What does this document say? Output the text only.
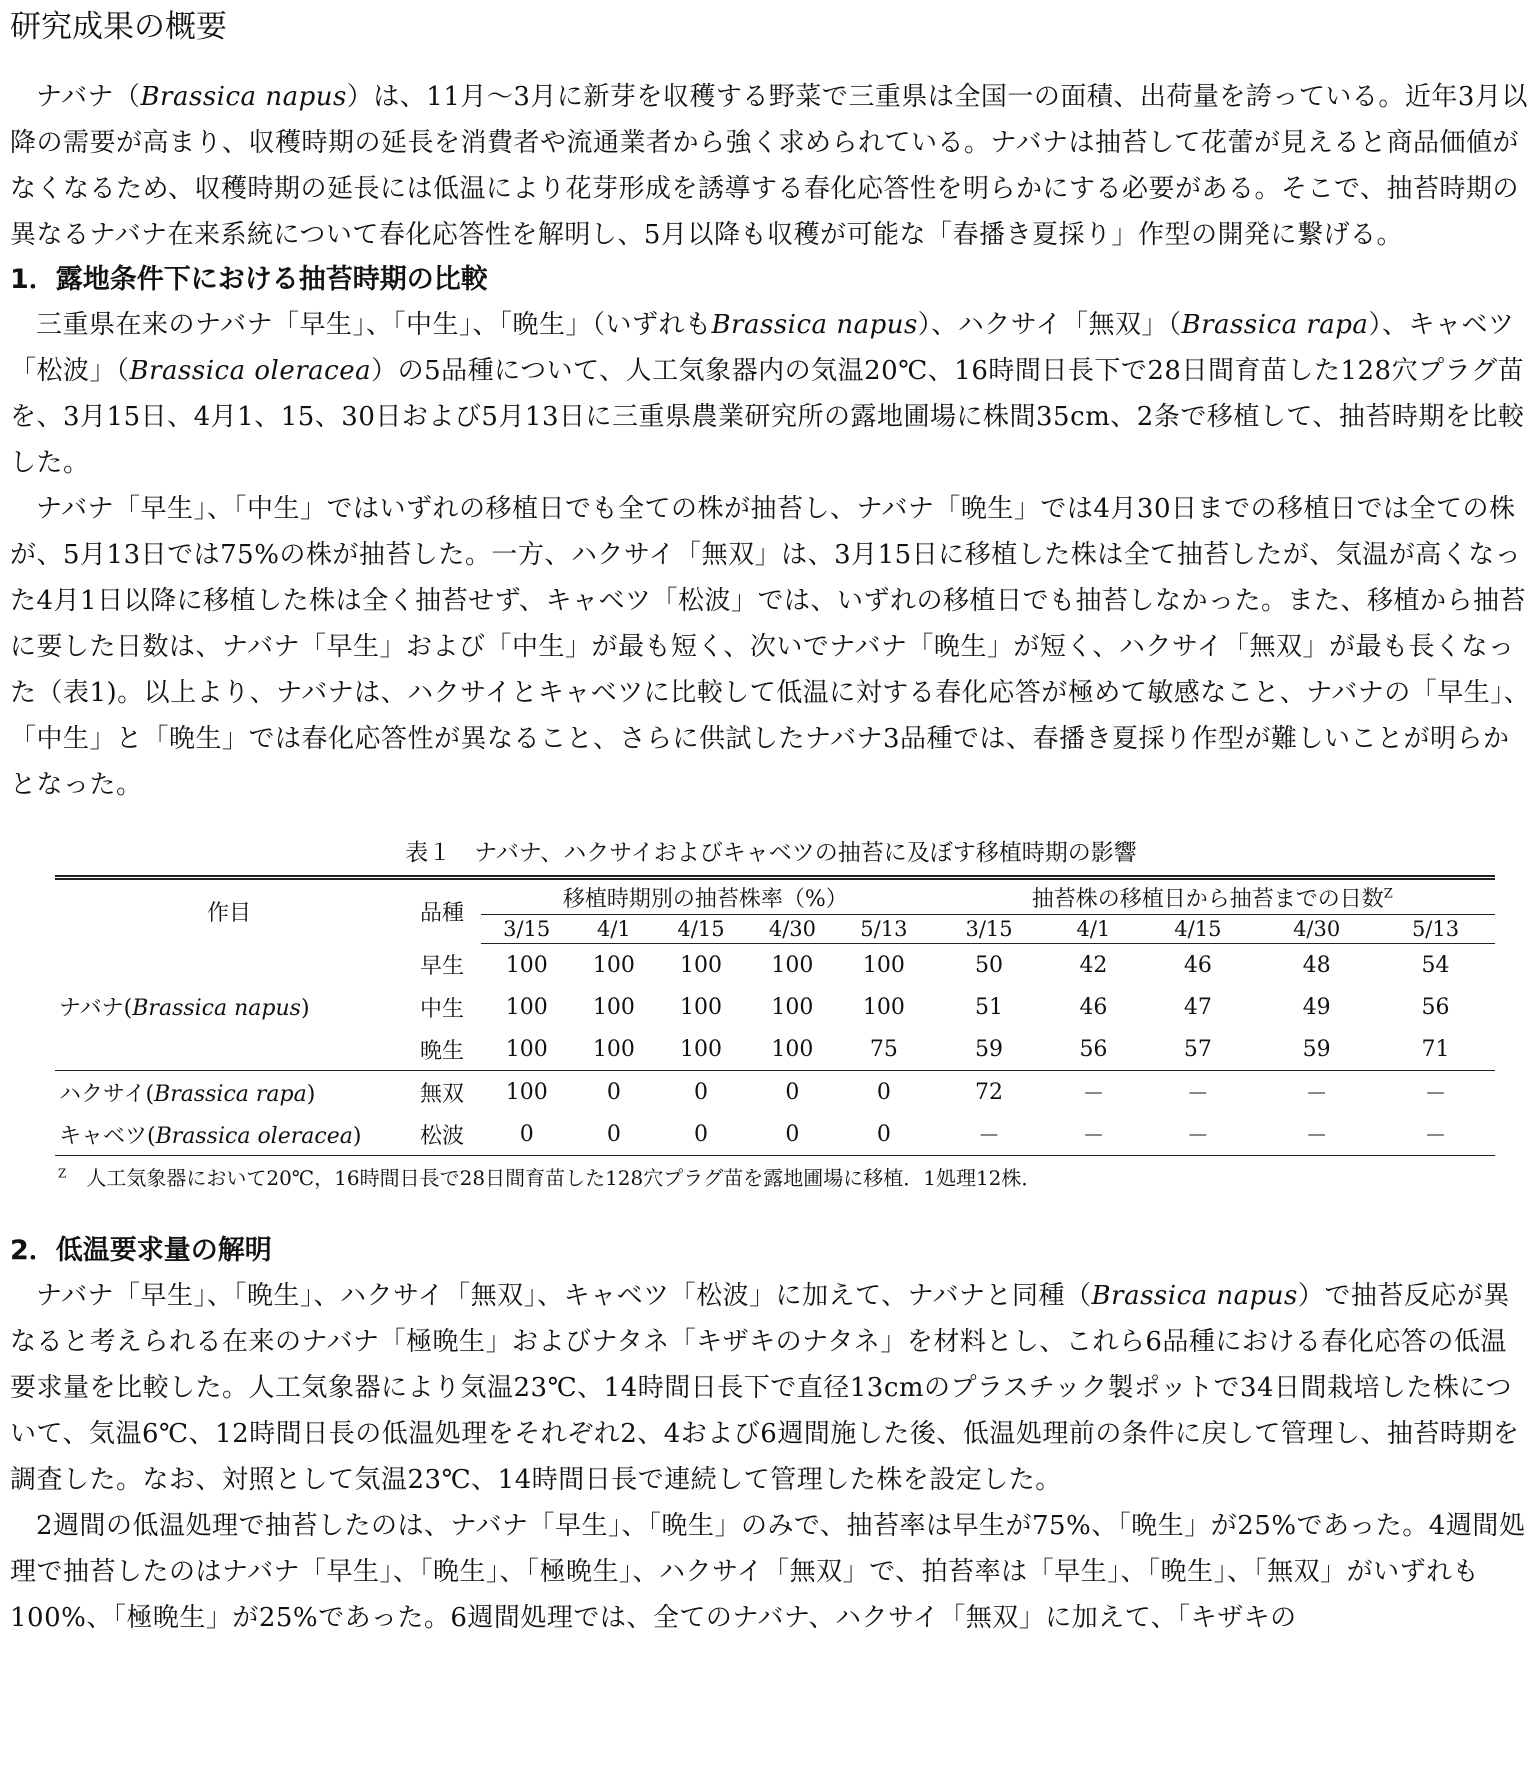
研究成果の概要

ナバナ（Brassica napus）は、11月～3月に新芽を収穫する野菜で三重県は全国一の面積、出荷量を誇っている。近年3月以降の需要が高まり、収穫時期の延長を消費者や流通業者から強く求められている。ナバナは抽苔して花蕾が見えると商品価値がなくなるため、収穫時期の延長には低温により花芽形成を誘導する春化応答性を明らかにする必要がある。そこで、抽苔時期の異なるナバナ在来系統について春化応答性を解明し、5月以降も収穫が可能な「春播き夏採り」作型の開発に繋げる。

1．露地条件下における抽苔時期の比較

三重県在来のナバナ「早生」、「中生」、「晩生」（いずれもBrassica napus）、ハクサイ「無双」（Brassica rapa）、キャベツ「松波」（Brassica oleracea）の5品種について、人工気象器内の気温20℃、16時間日長下で28日間育苗した128穴プラグ苗を、3月15日、4月1、15、30日および5月13日に三重県農業研究所の露地圃場に株間35cm、2条で移植して、抽苔時期を比較した。

ナバナ「早生」、「中生」ではいずれの移植日でも全ての株が抽苔し、ナバナ「晩生」では4月30日までの移植日では全ての株が、5月13日では75%の株が抽苔した。一方、ハクサイ「無双」は、3月15日に移植した株は全て抽苔したが、気温が高くなった4月1日以降に移植した株は全く抽苔せず、キャベツ「松波」では、いずれの移植日でも抽苔しなかった。また、移植から抽苔に要した日数は、ナバナ「早生」および「中生」が最も短く、次いでナバナ「晩生」が短く、ハクサイ「無双」が最も長くなった（表1)。以上より、ナバナは、ハクサイとキャベツに比較して低温に対する春化応答が極めて敏感なこと、ナバナの「早生」、「中生」と「晩生」では春化応答性が異なること、さらに供試したナバナ3品種では、春播き夏採り作型が難しいことが明らかとなった。

表１　ナバナ、ハクサイおよびキャベツの抽苔に及ぼす移植時期の影響
作目	品種	移植時期別の抽苔株率（%）					抽苔株の移植日から抽苔までの日数$^Z$
		3/15	4/1	4/15	4/30	5/13	3/15	4/1	4/15	4/30	5/13
ナバナ(Brassica napus)	早生	100	100	100	100	100	50	42	46	48	54
	中生	100	100	100	100	100	51	46	47	49	56
	晩生	100	100	100	100	75	59	56	57	59	71
ハクサイ(Brassica rapa)	無双	100	0	0	0	0	72	－	－	－	－
キャベツ(Brassica oleracea)	松波	0	0	0	0	0	－	－	－	－	－
$^Z$　 人工気象器において20℃，16時間日長で28日間育苗した128穴プラグ苗を露地圃場に移植．1処理12株．
2．低温要求量の解明

ナバナ「早生」、「晩生」、ハクサイ「無双」、キャベツ「松波」に加えて、ナバナと同種（Brassica napus）で抽苔反応が異なると考えられる在来のナバナ「極晩生」およびナタネ「キザキのナタネ」を材料とし、これら6品種における春化応答の低温要求量を比較した。人工気象器により気温23℃、14時間日長下で直径13cmのプラスチック製ポットで34日間栽培した株について、気温6℃、12時間日長の低温処理をそれぞれ2、4および6週間施した後、低温処理前の条件に戻して管理し、抽苔時期を調査した。なお、対照として気温23℃、14時間日長で連続して管理した株を設定した。

2週間の低温処理で抽苔したのは、ナバナ「早生」、「晩生」のみで、抽苔率は早生が75%、「晩生」が25%であった。4週間処理で抽苔したのはナバナ「早生」、「晩生」、「極晩生」、ハクサイ「無双」で、拍苔率は「早生」、「晩生」、「無双」がいずれも100%、「極晩生」が25%であった。6週間処理では、全てのナバナ、ハクサイ「無双」に加えて、「キザキの
